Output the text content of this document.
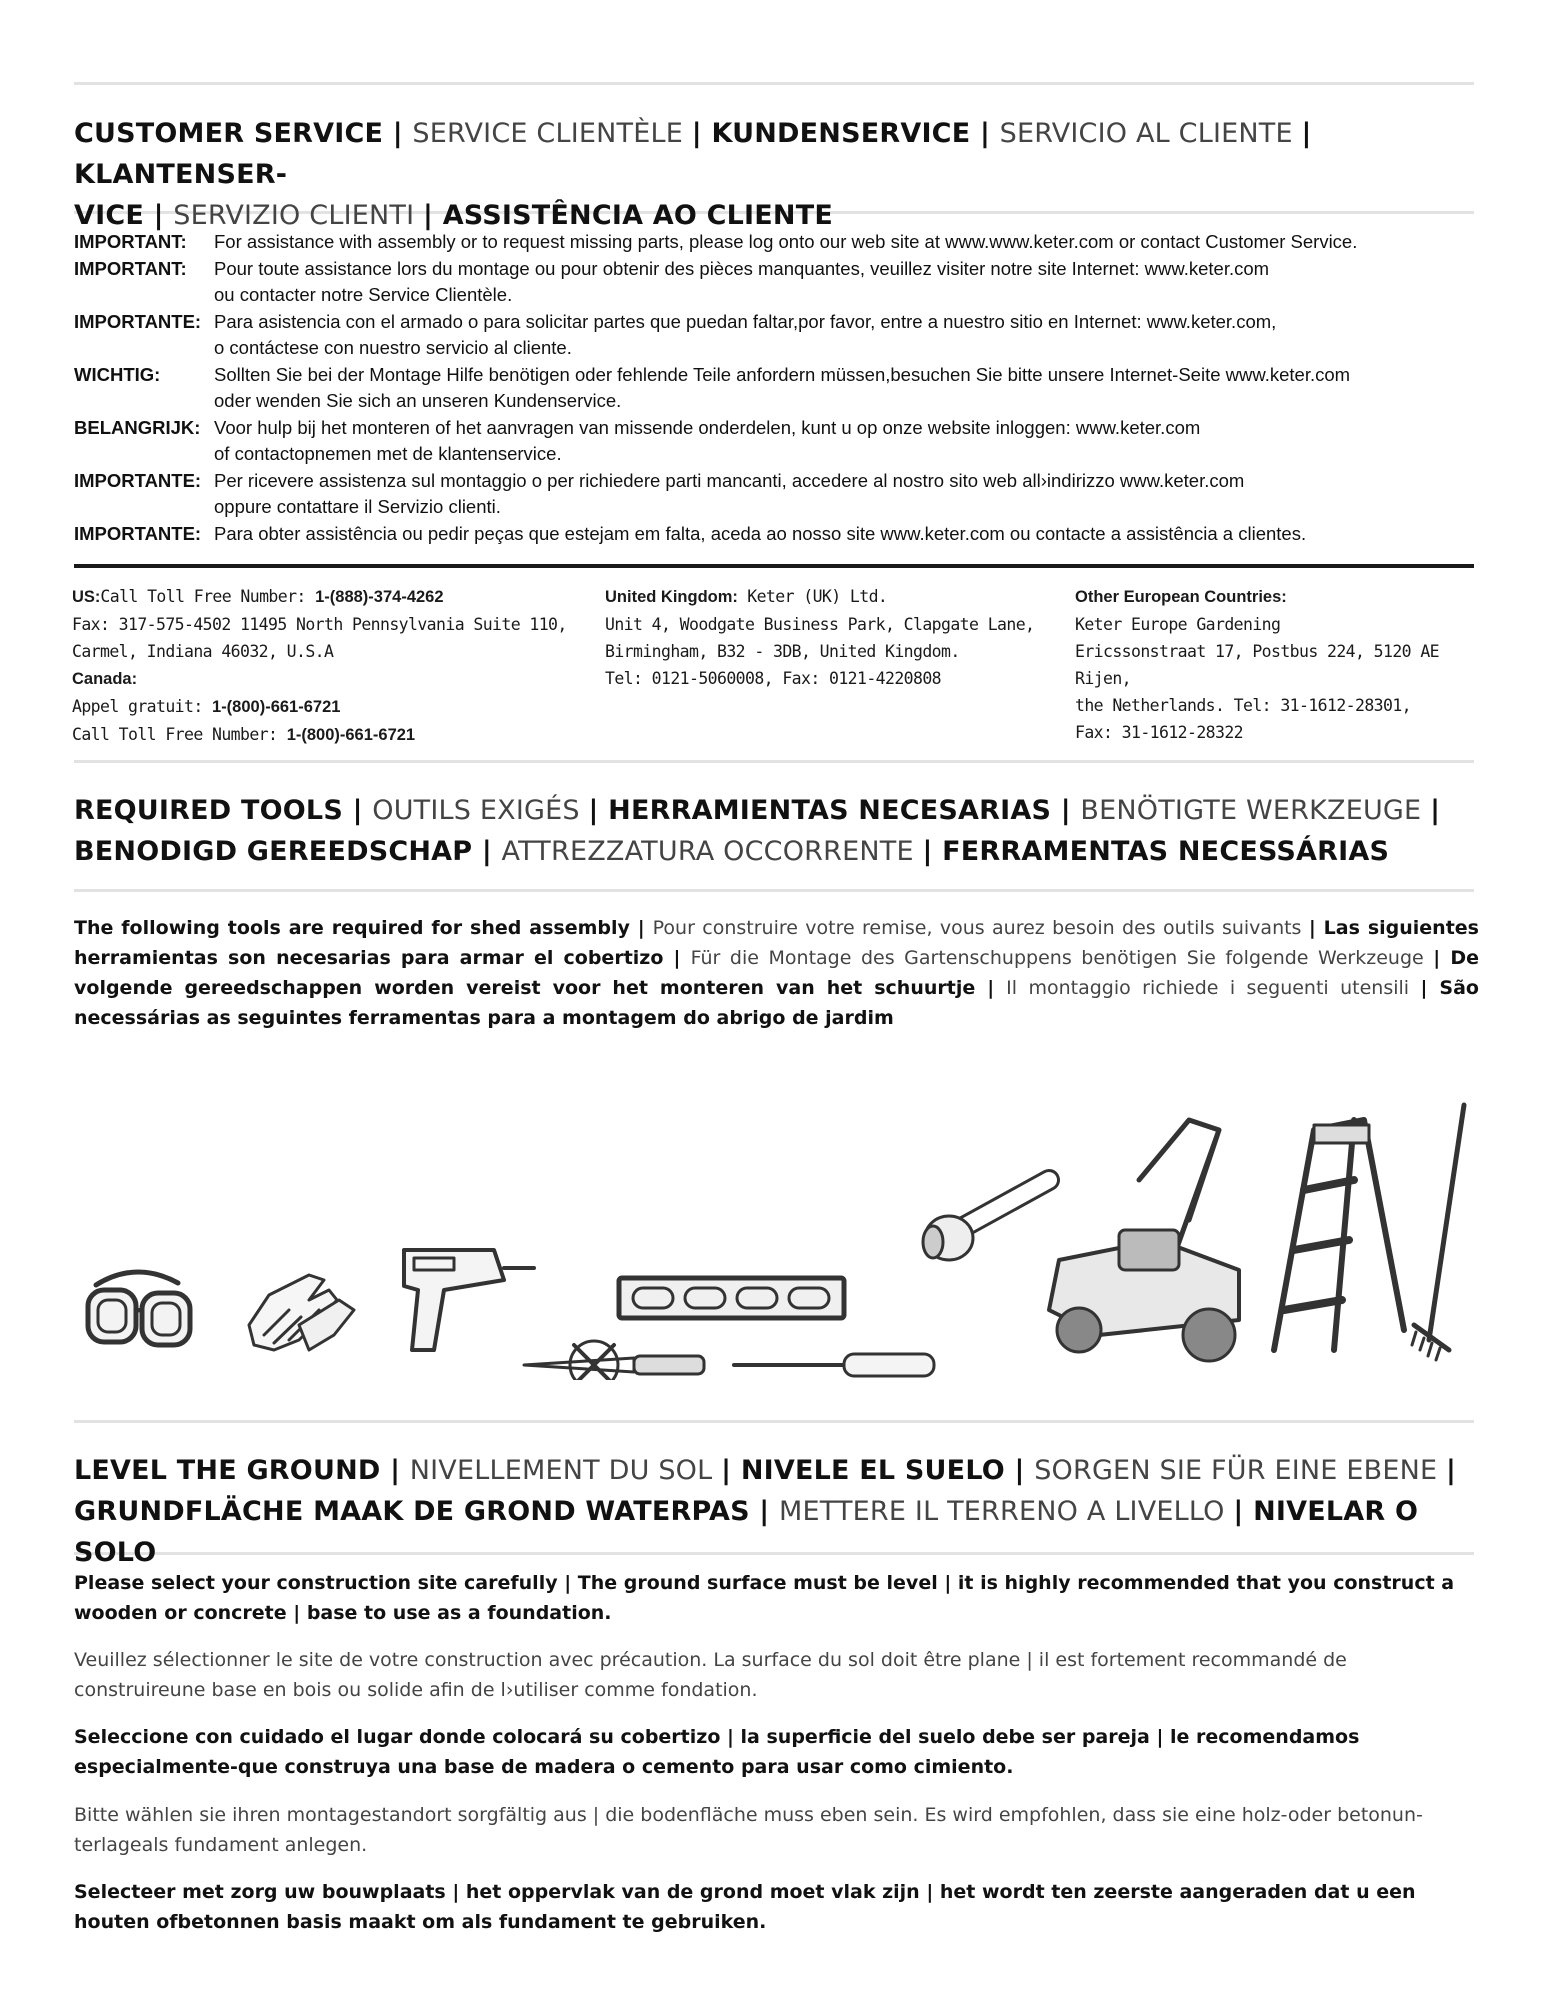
CUSTOMER SERVICE | SERVICE CLIENTÈLE | KUNDENSERVICE | SERVICIO AL CLIENTE | KLANTENSER-
VICE | SERVIZIO CLIENTI | ASSISTÊNCIA AO CLIENTE
IMPORTANT:	For assistance with assembly or to request missing parts, please log onto our web site at www.www.keter.com or contact Customer Service.
IMPORTANT:	Pour toute assistance lors du montage ou pour obtenir des pièces manquantes, veuillez visiter notre site Internet: www.keter.com
ou contacter notre Service Clientèle.
IMPORTANTE: Para asistencia con el armado o para solicitar partes que puedan faltar,por favor, entre a nuestro sitio en Internet: www.keter.com,
o contáctese con nuestro servicio al cliente.
WICHTIG:	Sollten Sie bei der Montage Hilfe benötigen oder fehlende Teile anfordern müssen,besuchen Sie bitte unsere Internet-Seite www.keter.com
oder wenden Sie sich an unseren Kundenservice.
BELANGRIJK: Voor hulp bij het monteren of het aanvragen van missende onderdelen, kunt u op onze website inloggen: www.keter.com
of contactopnemen met de klantenservice.
IMPORTANTE: Per ricevere assistenza sul montaggio o per richiedere parti mancanti, accedere al nostro sito web all›indirizzo www.keter.com
oppure contattare il Servizio clienti.
IMPORTANTE: Para obter assistência ou pedir peças que estejam em falta, aceda ao nosso site www.keter.com ou contacte a assistência a clientes.
US:Call Toll Free Number: 1-(888)-374-4262
Fax: 317-575-4502 11495 North Pennsylvania Suite 110,
Carmel, Indiana 46032, U.S.A
Canada:
Appel gratuit: 1-(800)-661-6721
Call Toll Free Number: 1-(800)-661-6721
United Kingdom: Keter (UK) Ltd.
Unit 4, Woodgate Business Park, Clapgate Lane,
Birmingham, B32 - 3DB, United Kingdom.
Tel: 0121-5060008, Fax: 0121-4220808
Other European Countries:
Keter Europe Gardening
Ericssonstraat 17, Postbus 224, 5120 AE Rijen,
the Netherlands. Tel: 31-1612-28301,
Fax: 31-1612-28322
REQUIRED TOOLS | OUTILS EXIGÉS | HERRAMIENTAS NECESARIAS | BENÖTIGTE WERKZEUGE |
BENODIGD GEREEDSCHAP | ATTREZZATURA OCCORRENTE | FERRAMENTAS NECESSÁRIAS
The following tools are required for shed assembly | Pour construire votre remise, vous aurez besoin des outils suivants | Las siguientes herramientas son necesarias para armar el cobertizo | Für die Montage des Gartenschuppens benötigen Sie folgende Werkzeuge | De volgende gereedschappen worden vereist voor het monteren van het schuurtje | Il montaggio richiede i seguenti utensili | São necessárias as seguintes ferramentas para a montagem do abrigo de jardim
LEVEL THE GROUND | NIVELLEMENT DU SOL | NIVELE EL SUELO | SORGEN SIE FÜR EINE EBENE |
GRUNDFLÄCHE MAAK DE GROND WATERPAS | METTERE IL TERRENO A LIVELLO | NIVELAR O SOLO
Please select your construction site carefully | The ground surface must be level | it is highly recommended that you construct a wooden or concrete | base to use as a foundation.
Veuillez sélectionner le site de votre construction avec précaution. La surface du sol doit être plane | il est fortement recommandé de construireune base en bois ou solide afin de l›utiliser comme fondation.
Seleccione con cuidado el lugar donde colocará su cobertizo | la superficie del suelo debe ser pareja | le recomendamos especialmente-que construya una base de madera o cemento para usar como cimiento.
Bitte wählen sie ihren montagestandort sorgfältig aus | die bodenfläche muss eben sein. Es wird empfohlen, dass sie eine holz-oder betonun-terlageals fundament anlegen.
Selecteer met zorg uw bouwplaats | het oppervlak van de grond moet vlak zijn | het wordt ten zeerste aangeraden dat u een houten ofbetonnen basis maakt om als fundament te gebruiken.
